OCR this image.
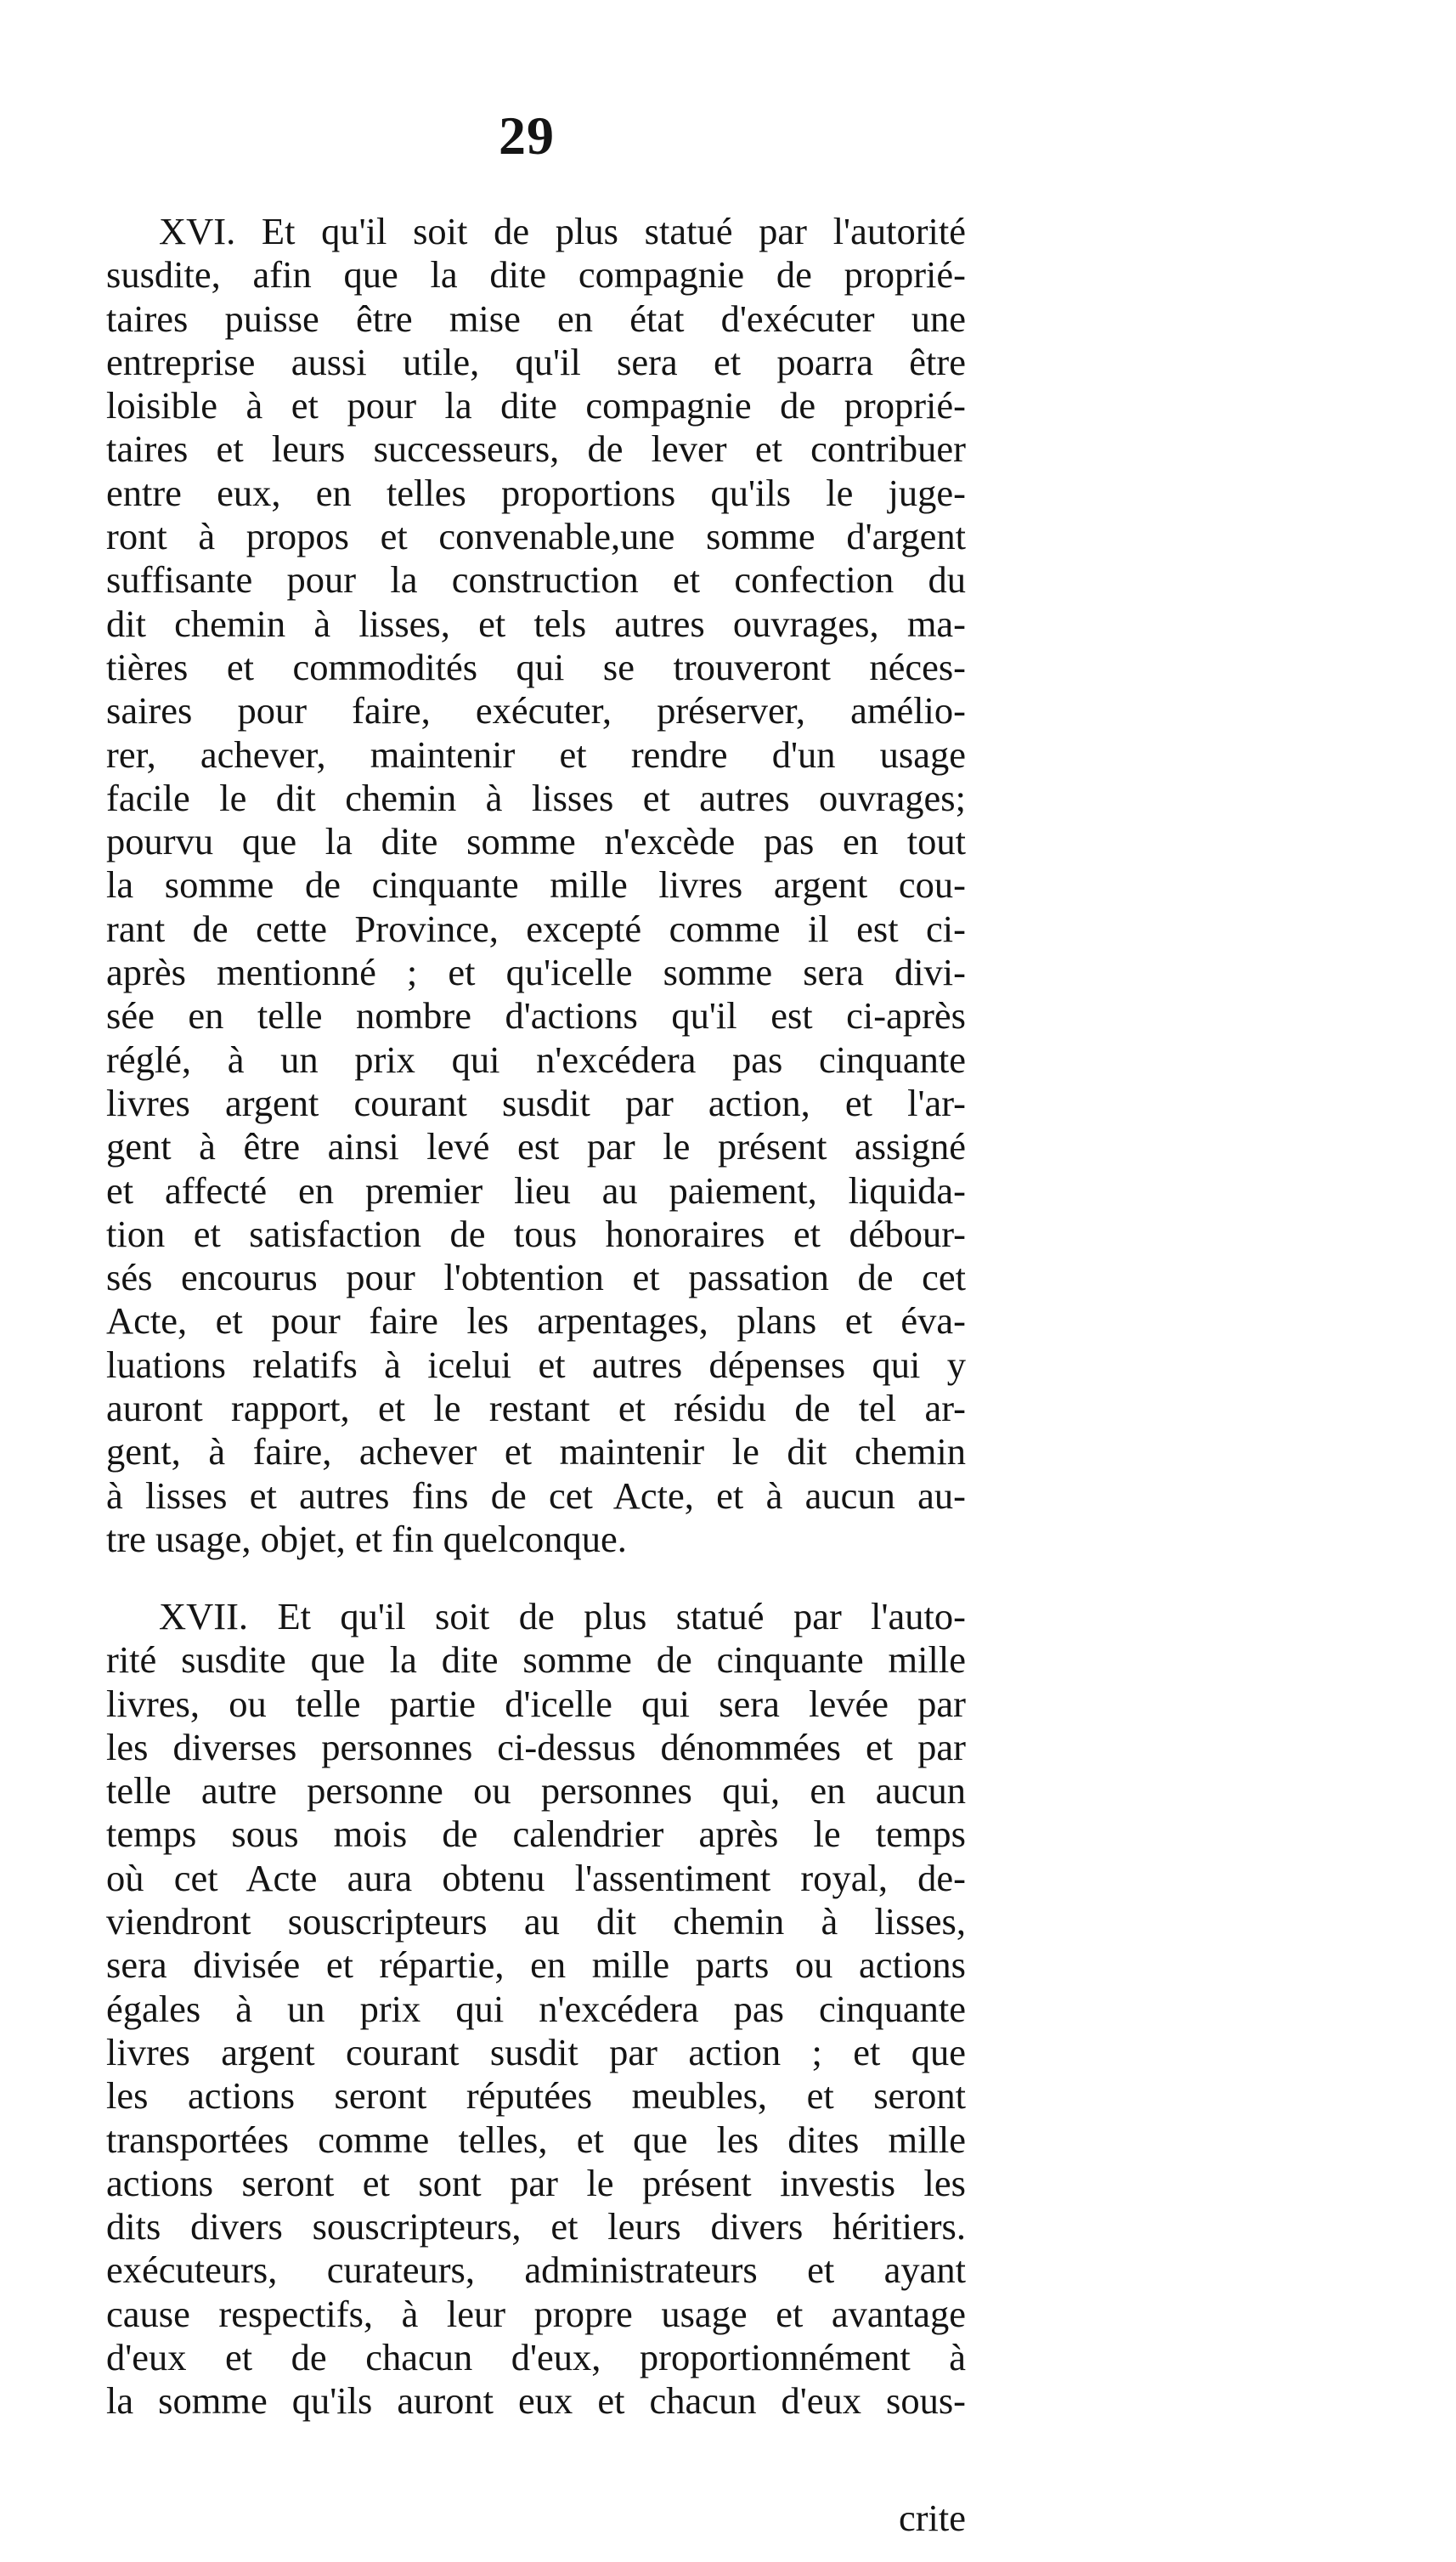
29
XVI. Et qu'il soit de plus statué par l'autorité
susdite, afin que la dite compagnie de proprié-
taires puisse être mise en état d'exécuter une
entreprise aussi utile, qu'il sera et poarra être
loisible à et pour la dite compagnie de proprié-
taires et leurs successeurs, de lever et contribuer
entre eux, en telles proportions qu'ils le juge-
ront à propos et convenable,une somme d'argent
suffisante pour la construction et confection du
dit chemin à lisses, et tels autres ouvrages, ma-
tières et commodités qui se trouveront néces-
saires pour faire, exécuter, préserver, amélio-
rer, achever, maintenir et rendre d'un usage
facile le dit chemin à lisses et autres ouvrages;
pourvu que la dite somme n'excède pas en tout
la somme de cinquante mille livres argent cou-
rant de cette Province, excepté comme il est ci-
après mentionné ; et qu'icelle somme sera divi-
sée en telle nombre d'actions qu'il est ci-après
réglé, à un prix qui n'excédera pas cinquante
livres argent courant susdit par action, et l'ar-
gent à être ainsi levé est par le présent assigné
et affecté en premier lieu au paiement, liquida-
tion et satisfaction de tous honoraires et débour-
sés encourus pour l'obtention et passation de cet
Acte, et pour faire les arpentages, plans et éva-
luations relatifs à icelui et autres dépenses qui y
auront rapport, et le restant et résidu de tel ar-
gent, à faire, achever et maintenir le dit chemin
à lisses et autres fins de cet Acte, et à aucun au-
tre usage, objet, et fin quelconque.
XVII. Et qu'il soit de plus statué par l'auto-
rité susdite que la dite somme de cinquante mille
livres, ou telle partie d'icelle qui sera levée par
les diverses personnes ci-dessus dénommées et par
telle autre personne ou personnes qui, en aucun
temps sous mois de calendrier après le temps
où cet Acte aura obtenu l'assentiment royal, de-
viendront souscripteurs au dit chemin à lisses,
sera divisée et répartie, en mille parts ou actions
égales à un prix qui n'excédera pas cinquante
livres argent courant susdit par action ; et que
les actions seront réputées meubles, et seront
transportées comme telles, et que les dites mille
actions seront et sont par le présent investis les
dits divers souscripteurs, et leurs divers héritiers.
exécuteurs, curateurs, administrateurs et ayant
cause respectifs, à leur propre usage et avantage
d'eux et de chacun d'eux, proportionnément à
la somme qu'ils auront eux et chacun d'eux sous-
crite
